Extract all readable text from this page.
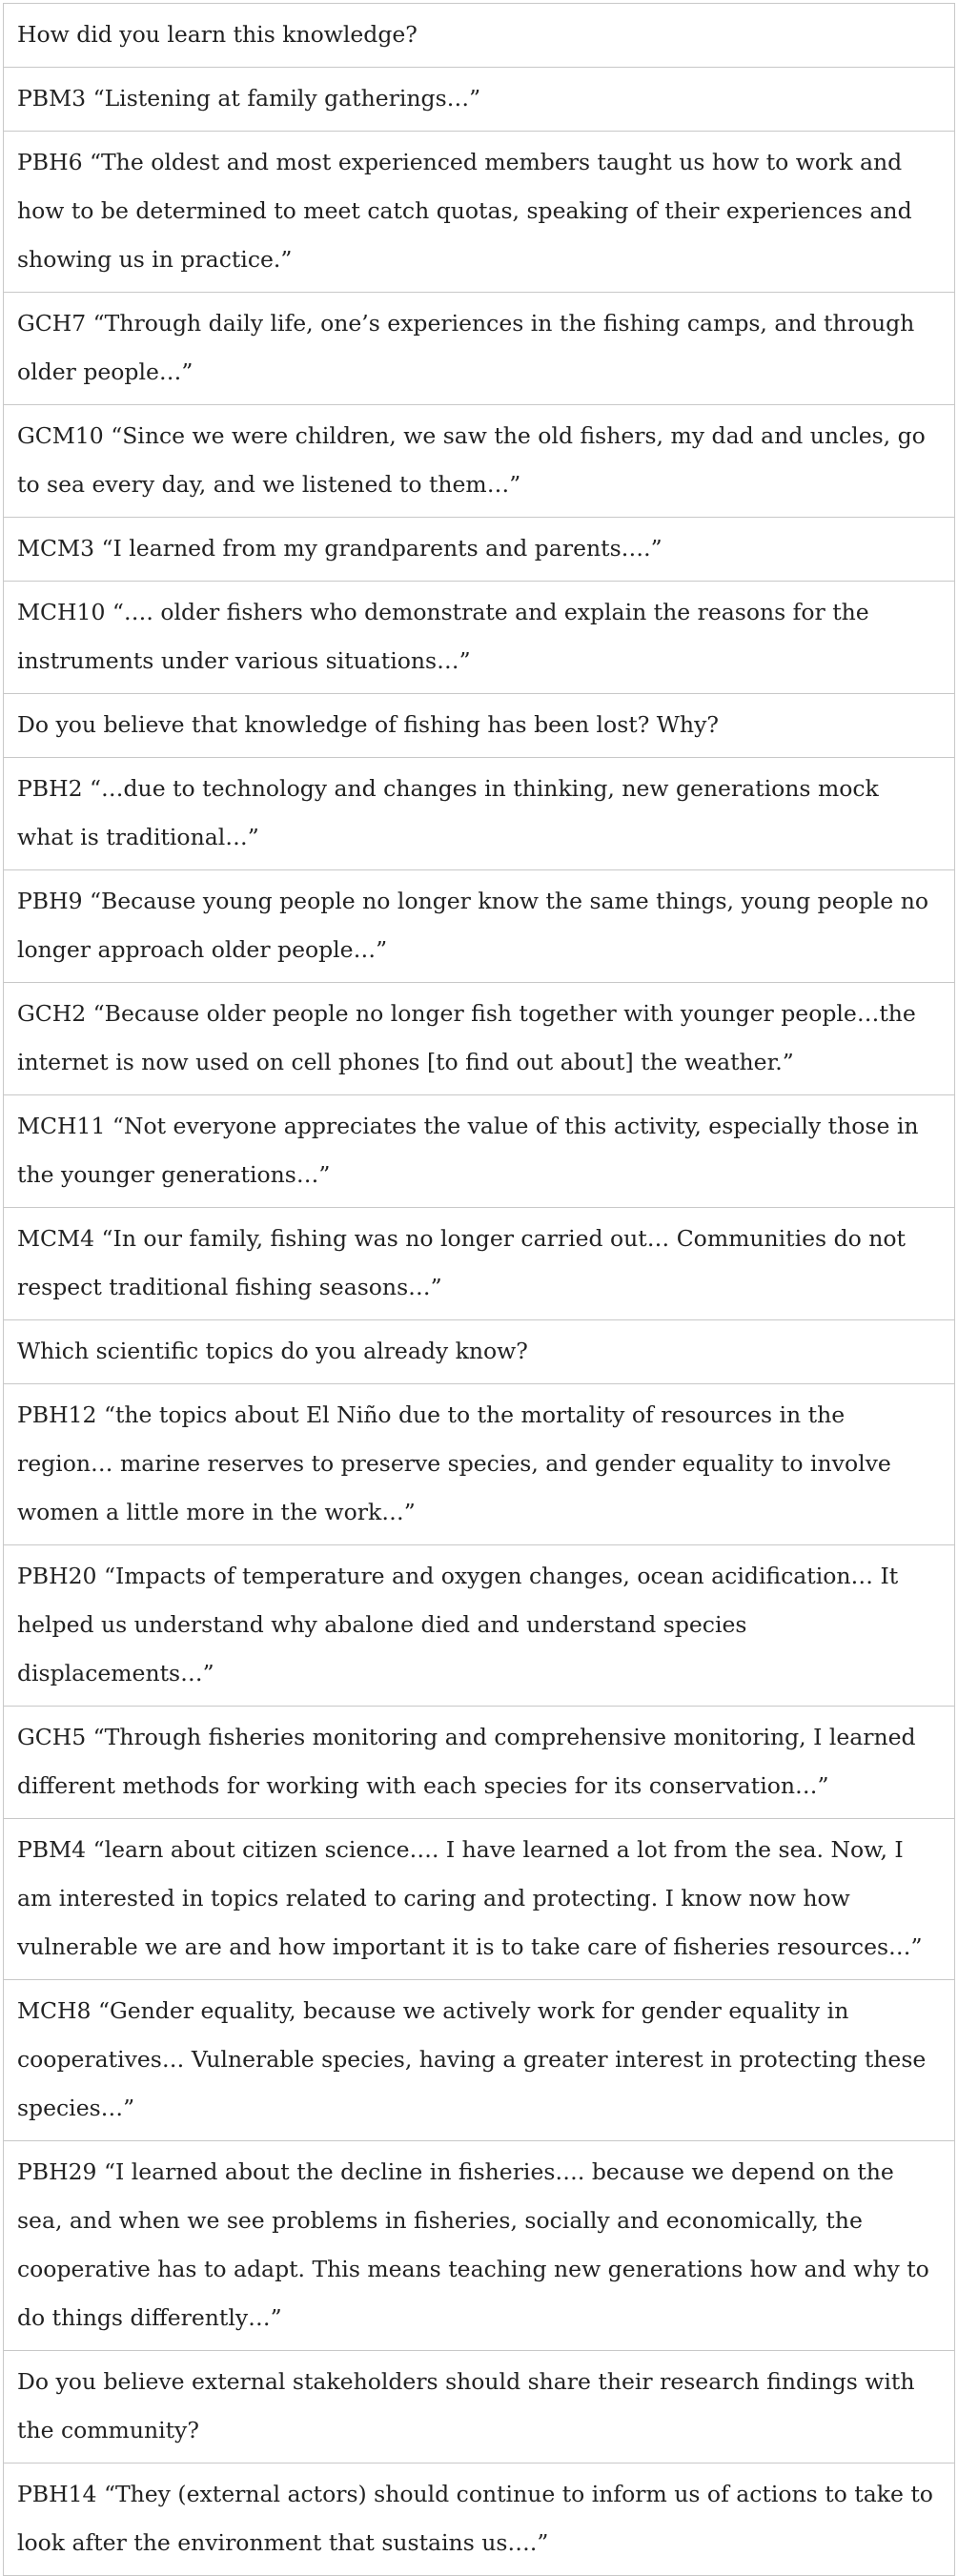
How did you learn this knowledge?
PBM3 “Listening at family gatherings…”
PBH6 “The oldest and most experienced members taught us how to work and how to be determined to meet catch quotas, speaking of their experiences and showing us in practice.”
GCH7 “Through daily life, one’s experiences in the fishing camps, and through older people…”
GCM10 “Since we were children, we saw the old fishers, my dad and uncles, go to sea every day, and we listened to them…”
MCM3 “I learned from my grandparents and parents….”
MCH10 “…. older fishers who demonstrate and explain the reasons for the instruments under various situations…”
Do you believe that knowledge of fishing has been lost? Why?
PBH2 “…due to technology and changes in thinking, new generations mock what is traditional…”
PBH9 “Because young people no longer know the same things, young people no longer approach older people…”
GCH2 “Because older people no longer fish together with younger people…the internet is now used on cell phones [to find out about] the weather.”
MCH11 “Not everyone appreciates the value of this activity, especially those in the younger generations…”
MCM4 “In our family, fishing was no longer carried out… Communities do not respect traditional fishing seasons…”
Which scientific topics do you already know?
PBH12 “the topics about El Niño due to the mortality of resources in the region… marine reserves to preserve species, and gender equality to involve women a little more in the work…”
PBH20 “Impacts of temperature and oxygen changes, ocean acidification… It helped us understand why abalone died and understand species displacements…”
GCH5 “Through fisheries monitoring and comprehensive monitoring, I learned different methods for working with each species for its conservation…”
PBM4 “learn about citizen science…. I have learned a lot from the sea. Now, I am interested in topics related to caring and protecting. I know now how vulnerable we are and how important it is to take care of fisheries resources…”
MCH8 “Gender equality, because we actively work for gender equality in cooperatives… Vulnerable species, having a greater interest in protecting these species…”
PBH29 “I learned about the decline in fisheries…. because we depend on the sea, and when we see problems in fisheries, socially and economically, the cooperative has to adapt. This means teaching new generations how and why to do things differently…”
Do you believe external stakeholders should share their research findings with the community?
PBH14 “They (external actors) should continue to inform us of actions to take to look after the environment that sustains us….”
